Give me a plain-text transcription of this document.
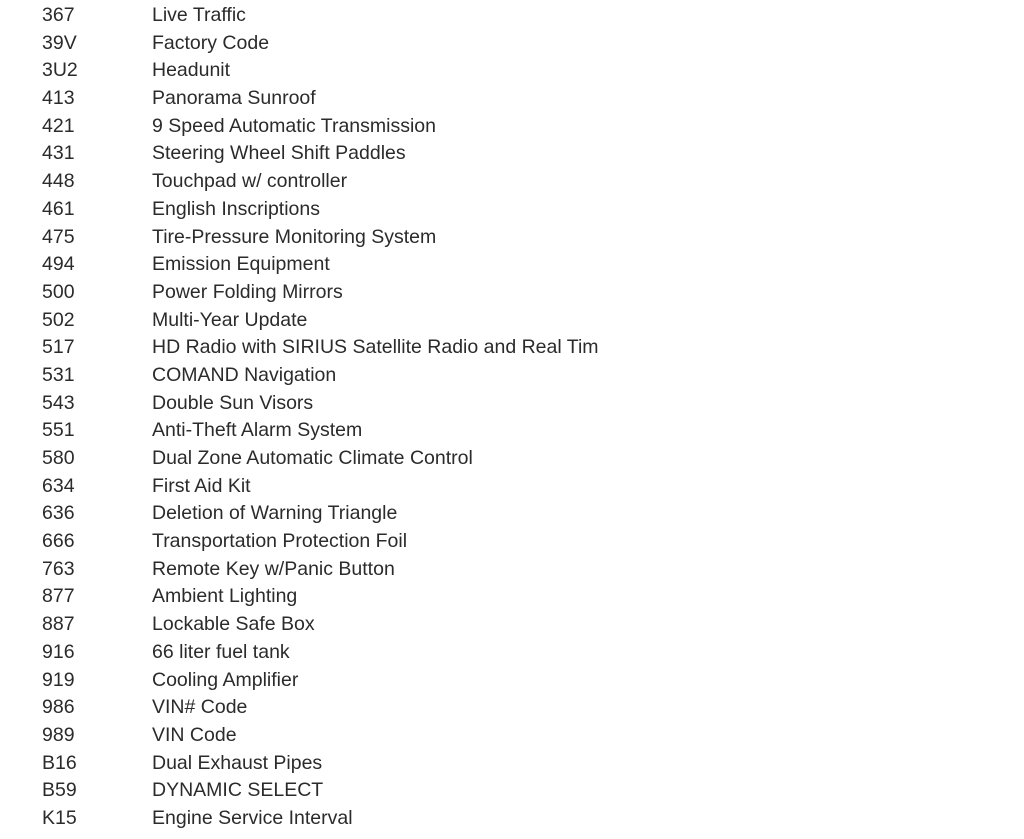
367	Live Traffic
39V	Factory Code
3U2	Headunit
413	Panorama Sunroof
421	9 Speed Automatic Transmission
431	Steering Wheel Shift Paddles
448	Touchpad w/ controller
461	English Inscriptions
475	Tire-Pressure Monitoring System
494	Emission Equipment
500	Power Folding Mirrors
502	Multi-Year Update
517	HD Radio with SIRIUS Satellite Radio and Real Tim
531	COMAND Navigation
543	Double Sun Visors
551	Anti-Theft Alarm System
580	Dual Zone Automatic Climate Control
634	First Aid Kit
636	Deletion of Warning Triangle
666	Transportation Protection Foil
763	Remote Key w/Panic Button
877	Ambient Lighting
887	Lockable Safe Box
916	66 liter fuel tank
919	Cooling Amplifier
986	VIN# Code
989	VIN Code
B16	Dual Exhaust Pipes
B59	DYNAMIC SELECT
K15	Engine Service Interval
